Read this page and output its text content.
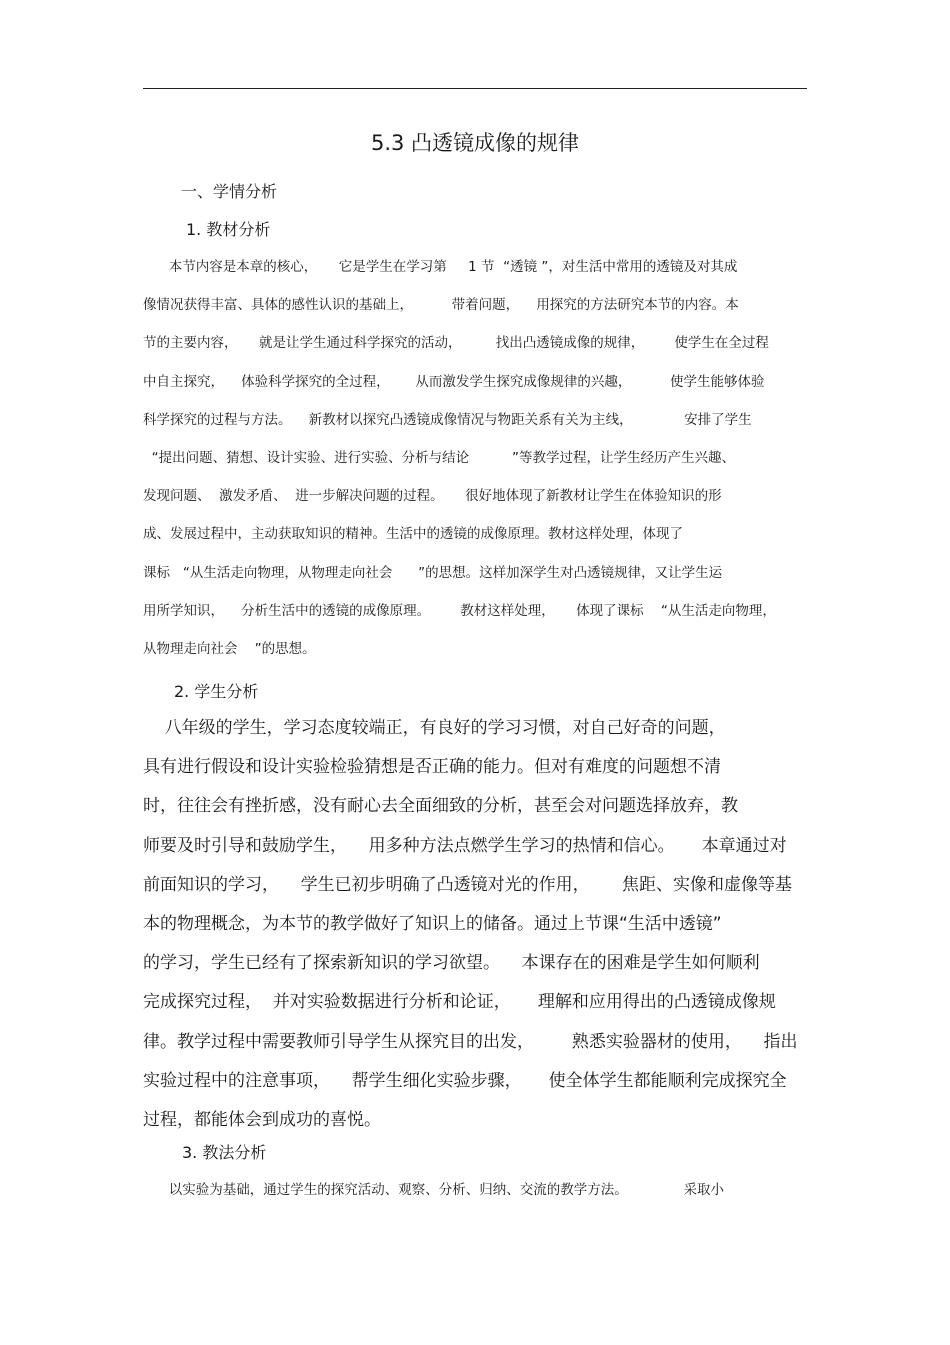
5.3 凸透镜成像的规律
一、学情分析
1. 教材分析
本节内容是本章的核心，     它是学生在学习第     1 节  “透镜 ”，对生活中常用的透镜及对其成
像情况获得丰富、具体的感性认识的基础上，         带着问题，    用探究的方法研究本节的内容。本
节的主要内容，     就是让学生通过科学探究的活动，        找出凸透镜成像的规律，       使学生在全过程
中自主探究，    体验科学探究的全过程，      从而激发学生探究成像规律的兴趣，         使学生能够体验
科学探究的过程与方法。    新教材以探究凸透镜成像情况与物距关系有关为主线，            安排了学生
“提出问题、猜想、设计实验、进行实验、分析与结论          ”等教学过程，让学生经历产生兴趣、
发现问题、  激发矛盾、  进一步解决问题的过程。     很好地体现了新教材让学生在体验知识的形
成、发展过程中，主动获取知识的精神。生活中的透镜的成像原理。教材这样处理，体现了
课标   “从生活走向物理，从物理走向社会      ”的思想。这样加深学生对凸透镜规律，又让学生运
用所学知识，    分析生活中的透镜的成像原理。       教材这样处理，     体现了课标    “从生活走向物理，
从物理走向社会    ”的思想。
2. 学生分析
八年级的学生，学习态度较端正，有良好的学习习惯，对自己好奇的问题，
具有进行假设和设计实验检验猜想是否正确的能力。但对有难度的问题想不清
时，往往会有挫折感，没有耐心去全面细致的分析，甚至会对问题选择放弃，教
师要及时引导和鼓励学生，    用多种方法点燃学生学习的热情和信心。     本章通过对
前面知识的学习，    学生已初步明确了凸透镜对光的作用，      焦距、实像和虚像等基
本的物理概念，为本节的教学做好了知识上的储备。通过上节课“生活中透镜”
的学习，学生已经有了探索新知识的学习欲望。    本课存在的困难是学生如何顺利
完成探究过程，  并对实验数据进行分析和论证，     理解和应用得出的凸透镜成像规
律。教学过程中需要教师引导学生从探究目的出发，       熟悉实验器材的使用，    指出
实验过程中的注意事项，    帮学生细化实验步骤，     使全体学生都能顺利完成探究全
过程，都能体会到成功的喜悦。
3. 教法分析
以实验为基础，通过学生的探究活动、观察、分析、归纳、交流的教学方法。             采取小
